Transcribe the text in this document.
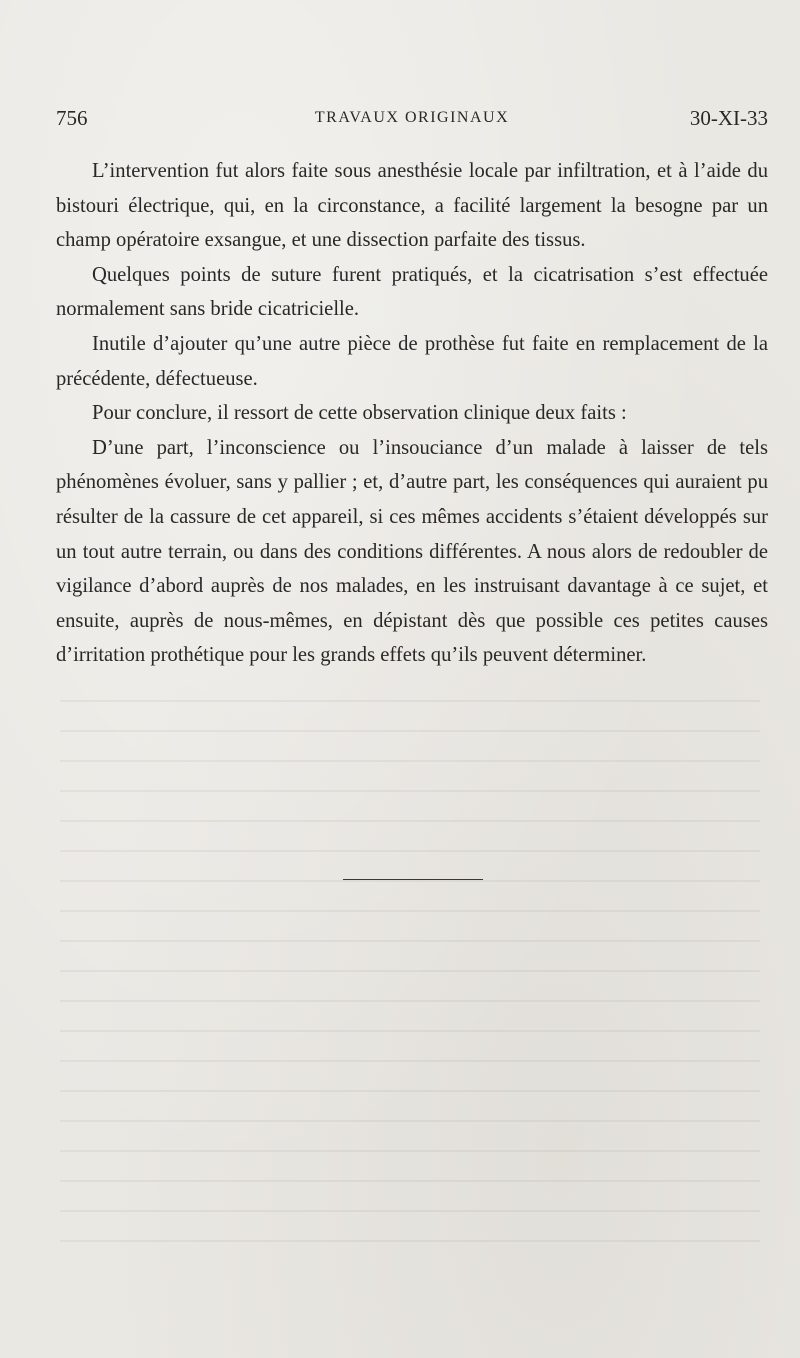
756	TRAVAUX ORIGINAUX	30-XI-33

L’intervention fut alors faite sous anesthésie locale par infiltration, et à l’aide du bistouri électrique, qui, en la circonstance, a facilité largement la besogne par un champ opératoire exsangue, et une dissection parfaite des tissus.

Quelques points de suture furent pratiqués, et la cicatrisation s’est effectuée normalement sans bride cicatricielle.

Inutile d’ajouter qu’une autre pièce de prothèse fut faite en remplacement de la précédente, défectueuse.

Pour conclure, il ressort de cette observation clinique deux faits :

D’une part, l’inconscience ou l’insouciance d’un malade à laisser de tels phénomènes évoluer, sans y pallier ; et, d’autre part, les conséquences qui auraient pu résulter de la cassure de cet appareil, si ces mêmes accidents s’étaient développés sur un tout autre terrain, ou dans des conditions différentes. A nous alors de redoubler de vigilance d’abord auprès de nos malades, en les instruisant davantage à ce sujet, et ensuite, auprès de nous-mêmes, en dépistant dès que possible ces petites causes d’irritation prothétique pour les grands effets qu’ils peuvent déterminer.
